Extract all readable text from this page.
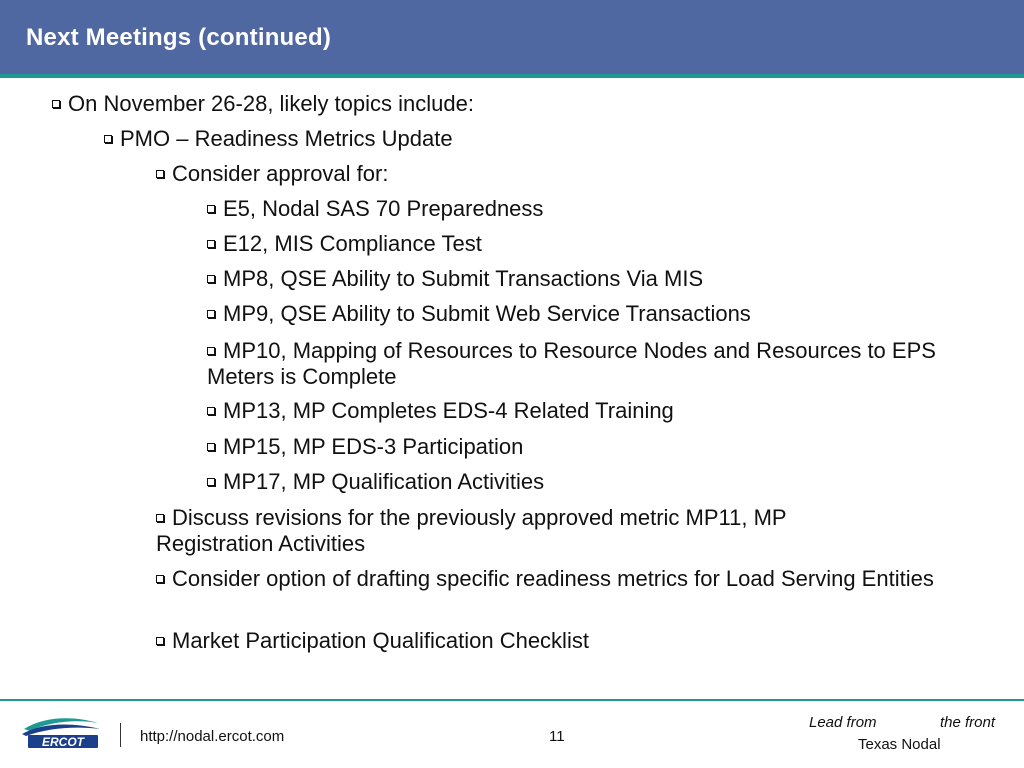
Next Meetings (continued)
On November 26-28, likely topics include:
PMO – Readiness Metrics Update
Consider approval for:
E5, Nodal SAS 70 Preparedness
E12, MIS Compliance Test
MP8, QSE Ability to Submit Transactions Via MIS
MP9, QSE Ability to Submit Web Service Transactions
MP10, Mapping of Resources to Resource Nodes and Resources to EPS Meters is Complete
MP13, MP Completes EDS-4 Related Training
MP15, MP EDS-3 Participation
MP17, MP Qualification Activities
Discuss revisions for the previously approved metric MP11, MP Registration Activities
Consider option of drafting specific readiness metrics for Load Serving Entities
Market Participation Qualification Checklist
ERCOT	http://nodal.ercot.com	11
Lead from	the front
Texas Nodal
